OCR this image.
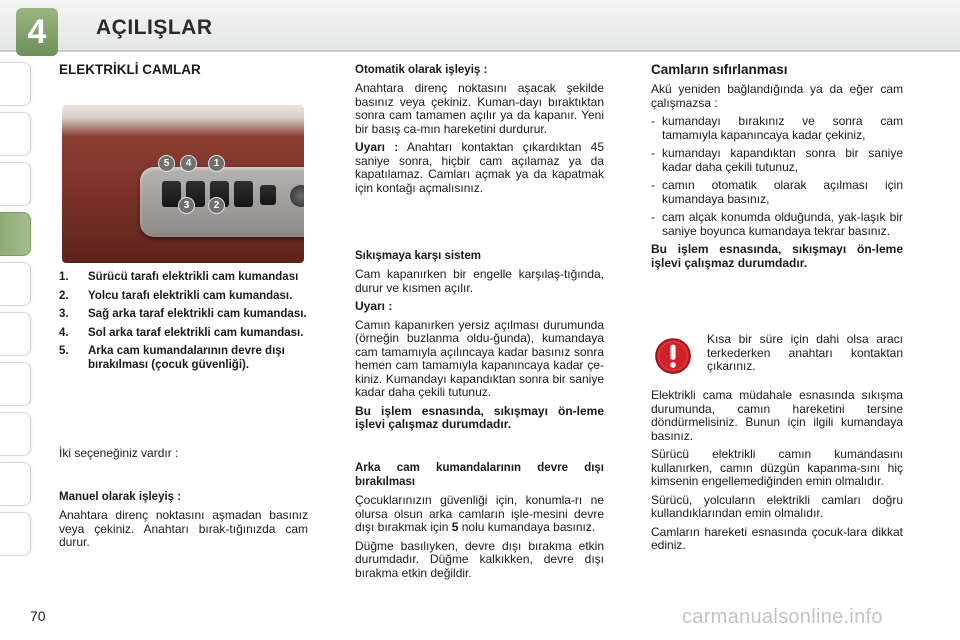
4	AÇILIŞLAR
ELEKTRİKLİ CAMLAR
5	4	1
3	2
1. Sürücü tarafı elektrikli cam kumandası
2. Yolcu tarafı elektrikli cam kumandası.
3. Sağ arka taraf elektrikli cam kumandası.
4. Sol arka taraf elektrikli cam kumandası.
5. Arka cam kumandalarının devre dışı bırakılması (çocuk güvenliği).
İki seçeneğiniz vardır :
Manuel olarak işleyiş :
Anahtara direnç noktasını aşmadan basınız veya çekiniz. Anahtarı bırak-tığınızda cam durur.

Otomatik olarak işleyiş :

Anahtara direnç noktasını aşacak şekilde basınız veya çekiniz. Kuman-dayı bıraktıktan sonra cam tamamen açılır ya da kapanır. Yeni bir basış ca-mın hareketini durdurur.

Uyarı : Anahtarı kontaktan çıkardıktan 45 saniye sonra, hiçbir cam açılamaz ya da kapatılamaz. Camları açmak ya da kapatmak için kontağı açmalısınız.

Sıkışmaya karşı sistem

Cam kapanırken bir engelle karşılaş-tığında, durur ve kısmen açılır.

Uyarı :

Camın kapanırken yersiz açılması durumunda (örneğin buzlanma oldu-ğunda), kumandaya cam tamamıyla açılıncaya kadar basınız sonra hemen cam tamamıyla kapanıncaya kadar çe-kiniz. Kumandayı kapandıktan sonra bir saniye kadar daha çekili tutunuz.

Bu işlem esnasında, sıkışmayı ön-leme işlevi çalışmaz durumdadır.

Arka cam kumandalarının devre dışı bırakılması

Çocuklarınızın güvenliği için, konumla-rı ne olursa olsun arka camların işle-mesini devre dışı bırakmak için 5 nolu kumandaya basınız.

Düğme basılıyken, devre dışı bırakma etkin durumdadır. Düğme kalkıkken, devre dışı bırakma etkin değildir.

Camların sıfırlanması

Akü yeniden bağlandığında ya da eğer cam çalışmazsa :

- kumandayı bırakınız ve sonra cam tamamıyla kapanıncaya kadar çekiniz,

- kumandayı kapandıktan sonra bir saniye kadar daha çekili tutunuz,

- camın otomatik olarak açılması için kumandaya basınız,

- cam alçak konumda olduğunda, yak-laşık bir saniye boyunca kumandaya tekrar basınız.

Bu işlem esnasında, sıkışmayı ön-leme işlevi çalışmaz durumdadır.

Kısa bir süre için dahi olsa aracı terkederken anahtarı kontaktan çıkarınız.

Elektrikli cama müdahale esnasında sıkışma durumunda, camın hareketini tersine döndürmelisiniz. Bunun için ilgili kumandaya basınız.

Sürücü elektrikli camın kumandasını kullanırken, camın düzgün kapanma-sını hiç kimsenin engellemediğinden emin olmalıdır.

Sürücü, yolcuların elektrikli camları doğru kullandıklarından emin olmalıdır.

Camların hareketi esnasında çocuk-lara dikkat ediniz.

70	carmanualsonline.info
